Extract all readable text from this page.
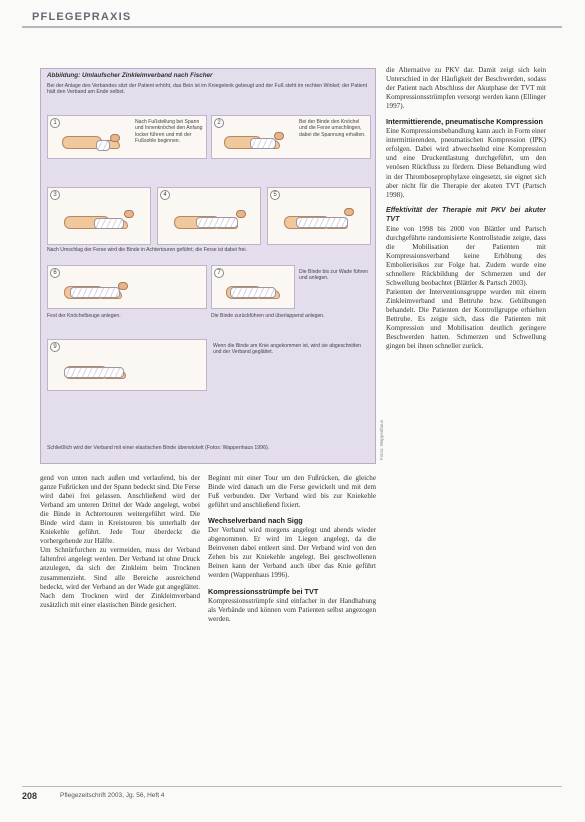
PFLEGEPRAXIS
Abbildung: Umlaufscher Zinkleimverband nach Fischer
Bei der Anlage des Verbandes sitzt der Patient erhöht, das Bein ist im Kniegelenk gebeugt und der Fuß steht im rechten Winkel; der Patient hält den Verband am Ende selbst.
1	Nach Fußstellung bei Spann und Innenknöchel den Anfang locker führen und mit der Fußsohle beginnen.
2	Bei der Binde den Knöchel und die Ferse umschlingen, dabei die Spannung erhalten.
3	4	5
Nach Umschlag der Ferse wird die Binde in Achtertouren geführt, die Ferse ist dabei frei.
6	Die Binde bis zur Wade führen und anlegen.
7
Fest der Knöchelbeuge anlegen.	Die Binde zurückführen und überlappend anlegen.
9	Wenn die Binde am Knie angekommen ist, wird sie abgeschnitten und der Verband geglättet.
Schließlich wird der Verband mit einer elastischen Binde überwickelt (Fotos: Wappenhaus 1996).	Fotos: Wappenhaus

gend von unten nach außen und verlaufend, bis der ganze Fußrücken und der Spann bedeckt sind. Die Ferse wird dabei frei gelassen. Anschließend wird der Verband am unteren Drittel der Wade angelegt, wobei die Binde in Achtertouren weitergeführt wird. Die Binde wird dann in Kreistouren bis unterhalb der Kniekehle geführt. Jede Tour überdeckt die vorhergehende zur Hälfte.

Um Schnürfurchen zu vermeiden, muss der Verband faltenfrei angelegt werden. Der Verband ist ohne Druck anzulegen, da sich der Zinkleim beim Trocknen zusammenzieht. Sind alle Bereiche ausreichend bedeckt, wird der Verband an der Wade gut angeglättet. Nach dem Trocknen wird der Zinkleimverband zusätzlich mit einer elastischen Binde gesichert.

Beginnt mit einer Tour um den Fußrücken, die gleiche Binde wird danach um die Ferse gewickelt und mit dem Fuß verbunden. Der Verband wird bis zur Kniekehle geführt und anschließend fixiert.

Wechselverband nach Sigg

Der Verband wird morgens angelegt und abends wieder abgenommen. Er wird im Liegen angelegt, da die Beinvenen dabei entleert sind. Der Verband wird von den Zehen bis zur Kniekehle angelegt. Bei geschwollenen Beinen kann der Verband auch über das Knie geführt werden (Wappenhaus 1996).

Kompressionsstrümpfe bei TVT

Kompressionsstrümpfe sind einfacher in der Handhabung als Verbände und können vom Patienten selbst angezogen werden.

die Alternative zu PKV dar. Damit zeigt sich kein Unterschied in der Häufigkeit der Beschwerden, sodass der Patient nach Abschluss der Akutphase der TVT mit Kompressionsstrümpfen versorgt werden kann (Ellinger 1997).

Intermittierende, pneumatische Kompression

Eine Kompressionsbehandlung kann auch in Form einer intermittierenden, pneumatischen Kompression (IPK) erfolgen. Dabei wird abwechselnd eine Kompression und eine Druckentlastung durchgeführt, um den venösen Rückfluss zu fördern. Diese Behandlung wird in der Thromboseprophylaxe eingesetzt, sie eignet sich aber nicht für die Therapie der akuten TVT (Partsch 1998).

Effektivität der Therapie mit PKV bei akuter TVT

Eine von 1998 bis 2000 von Blättler und Partsch durchgeführte randomisierte Kontrollstudie zeigte, dass die Mobilisation der Patienten mit Kompressionsverband keine Erhöhung des Embolierisikos zur Folge hat. Zudem wurde eine schnellere Rückbildung der Schmerzen und der Schwellung beobachtet (Blättler & Partsch 2003).

Patienten der Interventionsgruppe wurden mit einem Zinkleimverband und Bettruhe bzw. Gehübungen behandelt. Die Patienten der Kontrollgruppe erhielten Bettruhe. Es zeigte sich, dass die Patienten mit Kompression und Mobilisation deutlich geringere Beschwerden hatten. Schmerzen und Schwellung gingen bei ihnen schneller zurück.

208	Pflegezeitschrift 2003, Jg. 56, Heft 4
